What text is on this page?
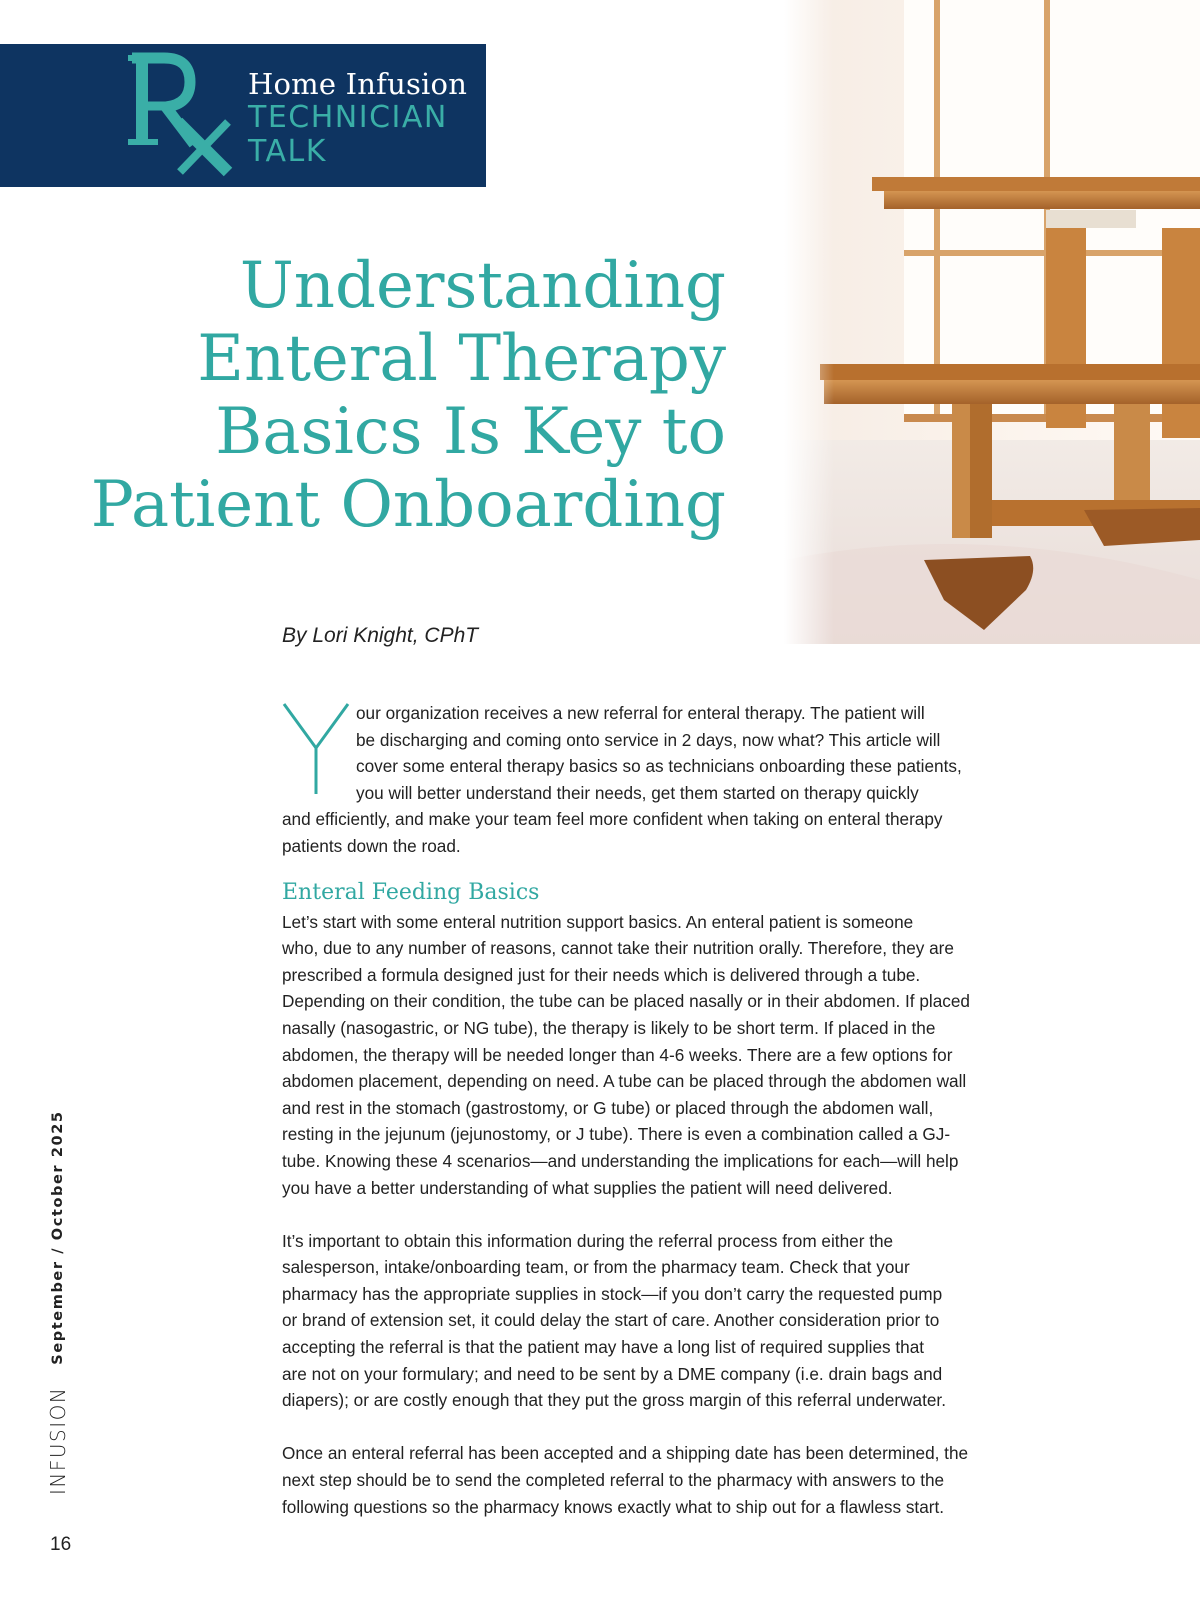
Home Infusion
TECHNICIAN
TALK
Understanding
Enteral Therapy
Basics Is Key to
Patient Onboarding
By Lori Knight, CPhT

our organization receives a new referral for enteral therapy. The patient will
be discharging and coming onto service in 2 days, now what? This article will
cover some enteral therapy basics so as technicians onboarding these patients,
you will better understand their needs, get them started on therapy quickly
and efficiently, and make your team feel more confident when taking on enteral therapy
patients down the road.

Enteral Feeding Basics

Let’s start with some enteral nutrition support basics. An enteral patient is someone
who, due to any number of reasons, cannot take their nutrition orally. Therefore, they are
prescribed a formula designed just for their needs which is delivered through a tube.
Depending on their condition, the tube can be placed nasally or in their abdomen. If placed
nasally (nasogastric, or NG tube), the therapy is likely to be short term. If placed in the
abdomen, the therapy will be needed longer than 4-6 weeks. There are a few options for
abdomen placement, depending on need. A tube can be placed through the abdomen wall
and rest in the stomach (gastrostomy, or G tube) or placed through the abdomen wall,
resting in the jejunum (jejunostomy, or J tube). There is even a combination called a GJ-
tube. Knowing these 4 scenarios—and understanding the implications for each—will help
you have a better understanding of what supplies the patient will need delivered.

It’s important to obtain this information during the referral process from either the
salesperson, intake/onboarding team, or from the pharmacy team. Check that your
pharmacy has the appropriate supplies in stock—if you don’t carry the requested pump
or brand of extension set, it could delay the start of care. Another consideration prior to
accepting the referral is that the patient may have a long list of required supplies that
are not on your formulary; and need to be sent by a DME company (i.e. drain bags and
diapers); or are costly enough that they put the gross margin of this referral underwater.

Once an enteral referral has been accepted and a shipping date has been determined, the
next step should be to send the completed referral to the pharmacy with answers to the
following questions so the pharmacy knows exactly what to ship out for a flawless start.

INFUSION
September / October 2025
16
